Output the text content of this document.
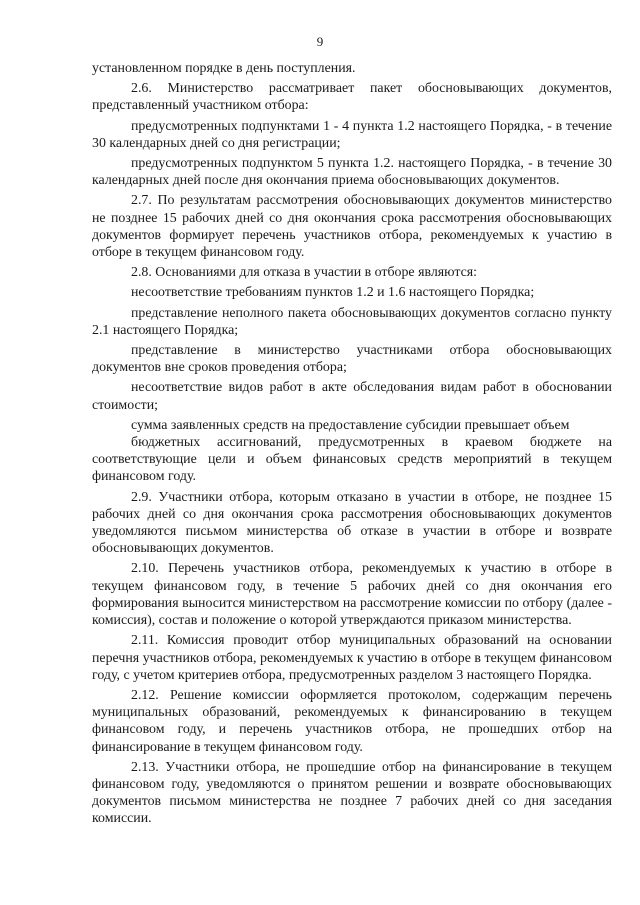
9

установленном порядке в день поступления.

2.6. Министерство рассматривает пакет обосновывающих документов, представленный участником отбора:

предусмотренных подпунктами 1 - 4 пункта 1.2 настоящего Порядка, - в течение 30 календарных дней со дня регистрации;

предусмотренных подпунктом 5 пункта 1.2. настоящего Порядка, - в течение 30 календарных дней после дня окончания приема обосновывающих документов.

2.7. По результатам рассмотрения обосновывающих документов министерство не позднее 15 рабочих дней со дня окончания срока рассмотрения обосновывающих документов формирует перечень участников отбора, рекомендуемых к участию в отборе в текущем финансовом году.

2.8. Основаниями для отказа в участии в отборе являются:

несоответствие требованиям пунктов 1.2 и 1.6 настоящего Порядка;

представление неполного пакета обосновывающих документов согласно пункту 2.1 настоящего Порядка;

представление в министерство участниками отбора обосновывающих документов вне сроков проведения отбора;

несоответствие видов работ в акте обследования видам работ в обосновании стоимости;

сумма заявленных средств на предоставление субсидии превышает объем

бюджетных ассигнований, предусмотренных в краевом бюджете на соответствующие цели и объем финансовых средств мероприятий в текущем финансовом году.

2.9. Участники отбора, которым отказано в участии в отборе, не позднее 15 рабочих дней со дня окончания срока рассмотрения обосновывающих документов уведомляются письмом министерства об отказе в участии в отборе и возврате обосновывающих документов.

2.10. Перечень участников отбора, рекомендуемых к участию в отборе в текущем финансовом году, в течение 5 рабочих дней со дня окончания его формирования выносится министерством на рассмотрение комиссии по отбору (далее - комиссия), состав и положение о которой утверждаются приказом министерства.

2.11. Комиссия проводит отбор муниципальных образований на основании перечня участников отбора, рекомендуемых к участию в отборе в текущем финансовом году, с учетом критериев отбора, предусмотренных разделом 3 настоящего Порядка.

2.12. Решение комиссии оформляется протоколом, содержащим перечень муниципальных образований, рекомендуемых к финансированию в текущем финансовом году, и перечень участников отбора, не прошедших отбор на финансирование в текущем финансовом году.

2.13. Участники отбора, не прошедшие отбор на финансирование в текущем финансовом году, уведомляются о принятом решении и возврате обосновывающих документов письмом министерства не позднее 7 рабочих дней со дня заседания комиссии.
